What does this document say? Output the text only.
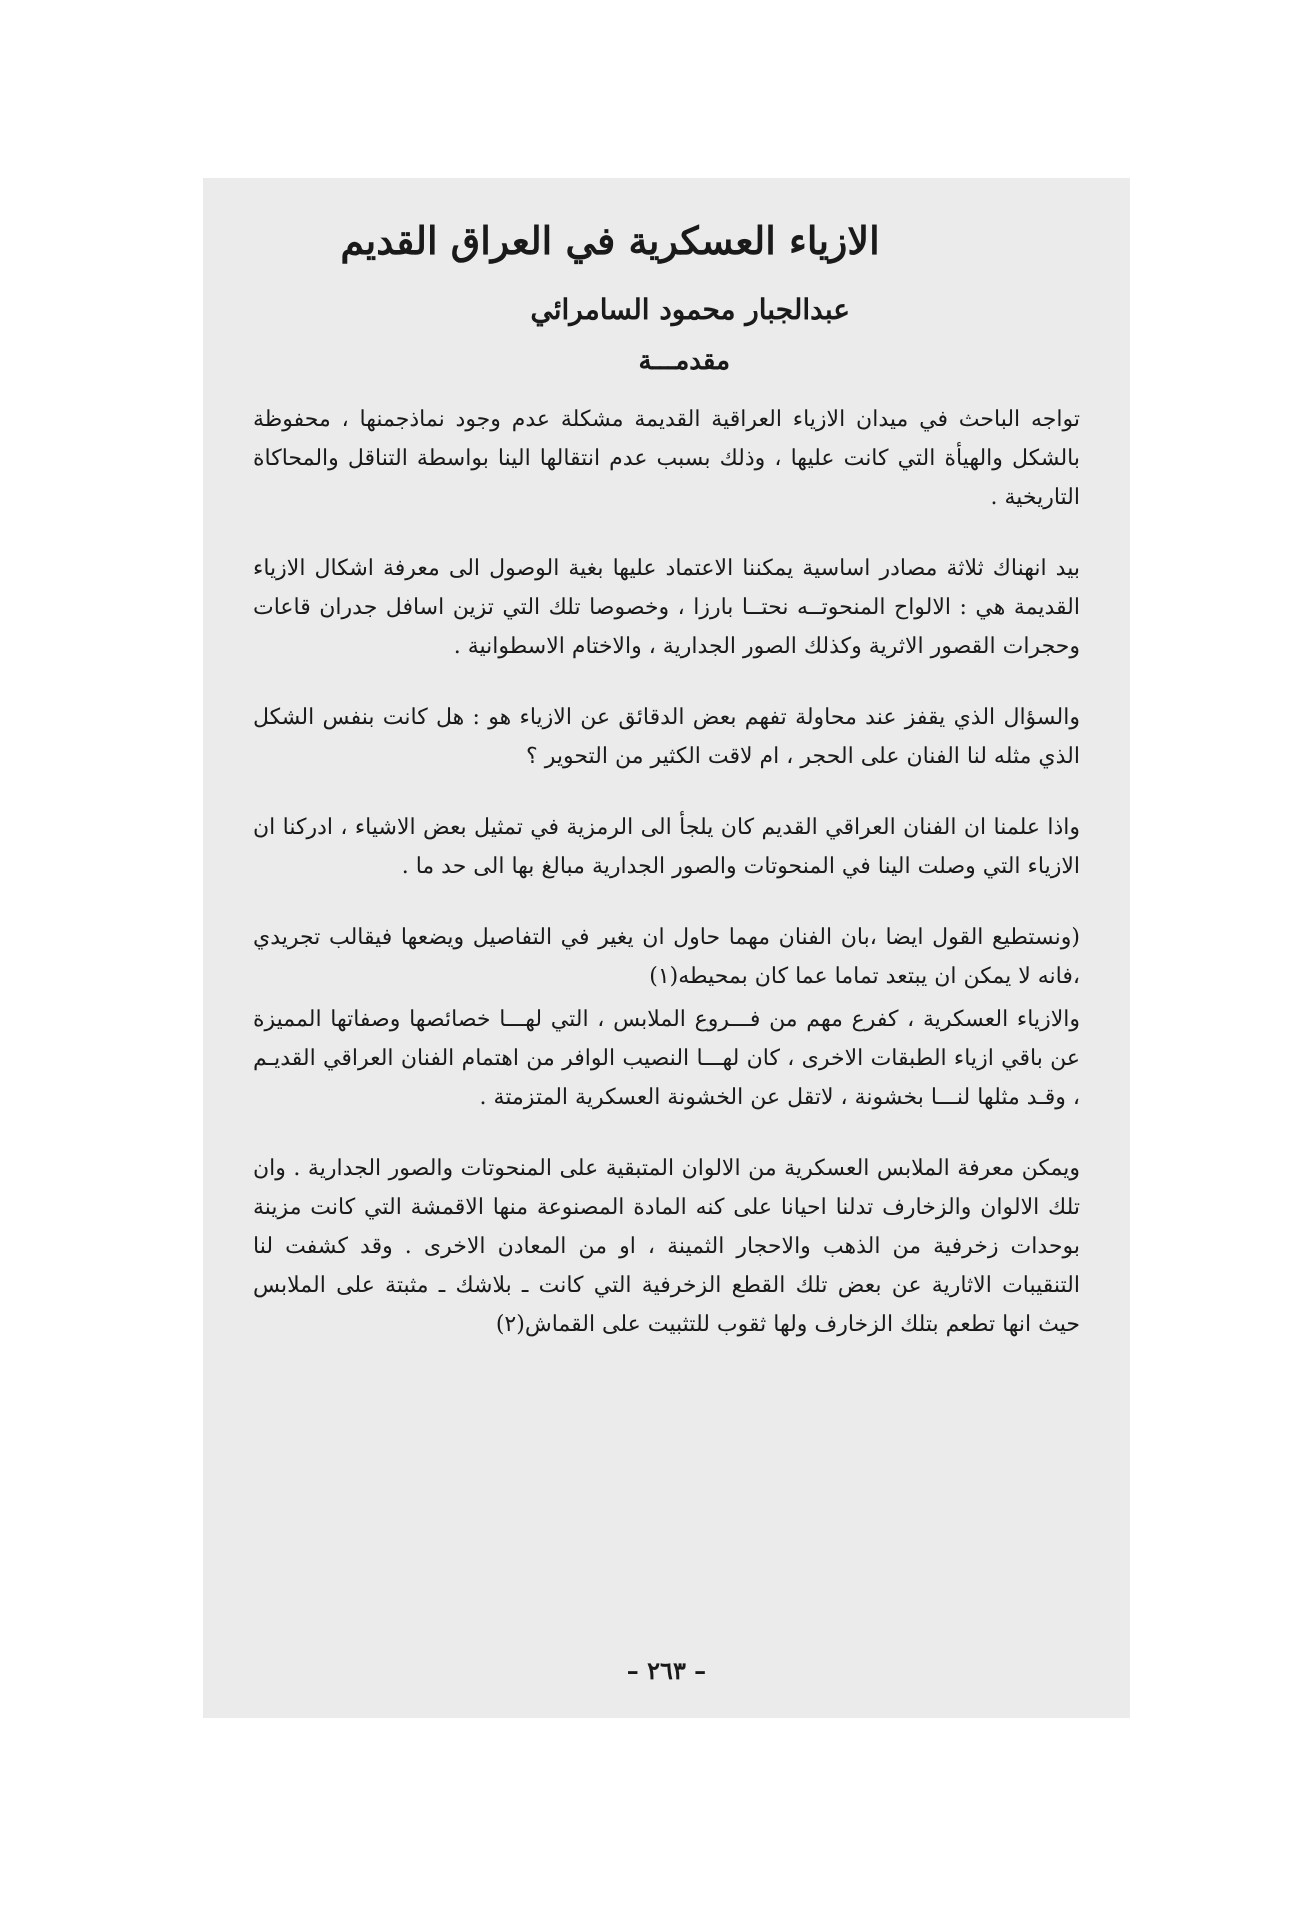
الازياء العسكرية في العراق القديم
عبدالجبار محمود السامرائي
مقدمـــة

تواجه الباحث في ميدان الازياء العراقية القديمة مشكلة عدم وجود نماذجمنها ، محفوظة بالشكل والهيأة التي كانت عليها ، وذلك بسبب عدم انتقالها الينا بواسطة التناقل والمحاكاة التاريخية .

بيد انهناك ثلاثة مصادر اساسية يمكننا الاعتماد عليها بغية الوصول الى معرفة اشكال الازياء القديمة هي : الالواح المنحوتــه نحتــا بارزا ، وخصوصا تلك التي تزين اسافل جدران قاعات وحجرات القصور الاثرية وكذلك الصور الجدارية ، والاختام الاسطوانية .

والسؤال الذي يقفز عند محاولة تفهم بعض الدقائق عن الازياء هو : هل كانت بنفس الشكل الذي مثله لنا الفنان على الحجر ، ام لاقت الكثير من التحوير ؟

واذا علمنا ان الفنان العراقي القديم كان يلجأ الى الرمزية في تمثيل بعض الاشياء ، ادركنا ان الازياء التي وصلت الينا في المنحوتات والصور الجدارية مبالغ بها الى حد ما .

(ونستطيع القول ايضا ،بان الفنان مهما حاول ان يغير في التفاصيل ويضعها فيقالب تجريدي ،فانه لا يمكن ان يبتعد تماما عما كان بمحيطه(١)

والازياء العسكرية ، كفرع مهم من فـــروع الملابس ، التي لهـــا خصائصها وصفاتها المميزة عن باقي ازياء الطبقات الاخرى ، كان لهـــا النصيب الوافر من اهتمام الفنان العراقي القديـم ، وقـد مثلها لنـــا بخشونة ، لاتقل عن الخشونة العسكرية المتزمتة .

ويمكن معرفة الملابس العسكرية من الالوان المتبقية على المنحوتات والصور الجدارية . وان تلك الالوان والزخارف تدلنا احيانا على كنه المادة المصنوعة منها الاقمشة التي كانت مزينة بوحدات زخرفية من الذهب والاحجار الثمينة ، او من المعادن الاخرى . وقد كشفت لنا التنقيبات الاثارية عن بعض تلك القطع الزخرفية التي كانت ـ بلاشك ـ مثبتة على الملابس حيث انها تطعم بتلك الزخارف ولها ثقوب للتثبيت على القماش(٢)

– ٢٦٣ –
